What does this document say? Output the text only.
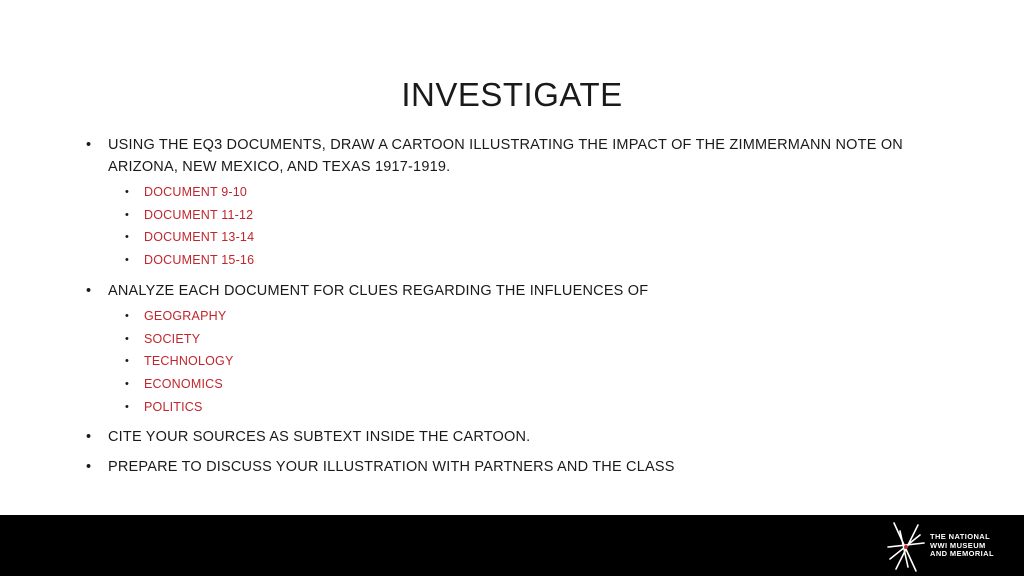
INVESTIGATE
•	USING THE EQ3 DOCUMENTS, DRAW A CARTOON ILLUSTRATING THE IMPACT OF THE ZIMMERMANN NOTE ON
ARIZONA, NEW MEXICO, AND TEXAS 1917-1919.
• DOCUMENT 9-10
• DOCUMENT 11-12
• DOCUMENT 13-14
• DOCUMENT 15-16
•	ANALYZE EACH DOCUMENT FOR CLUES REGARDING THE INFLUENCES OF
• GEOGRAPHY
• SOCIETY
• TECHNOLOGY
• ECONOMICS
• POLITICS
•	CITE YOUR SOURCES AS SUBTEXT INSIDE THE CARTOON.
•	PREPARE TO DISCUSS YOUR ILLUSTRATION WITH PARTNERS AND THE CLASS
THE NATIONAL
WWI MUSEUM
AND MEMORIAL
